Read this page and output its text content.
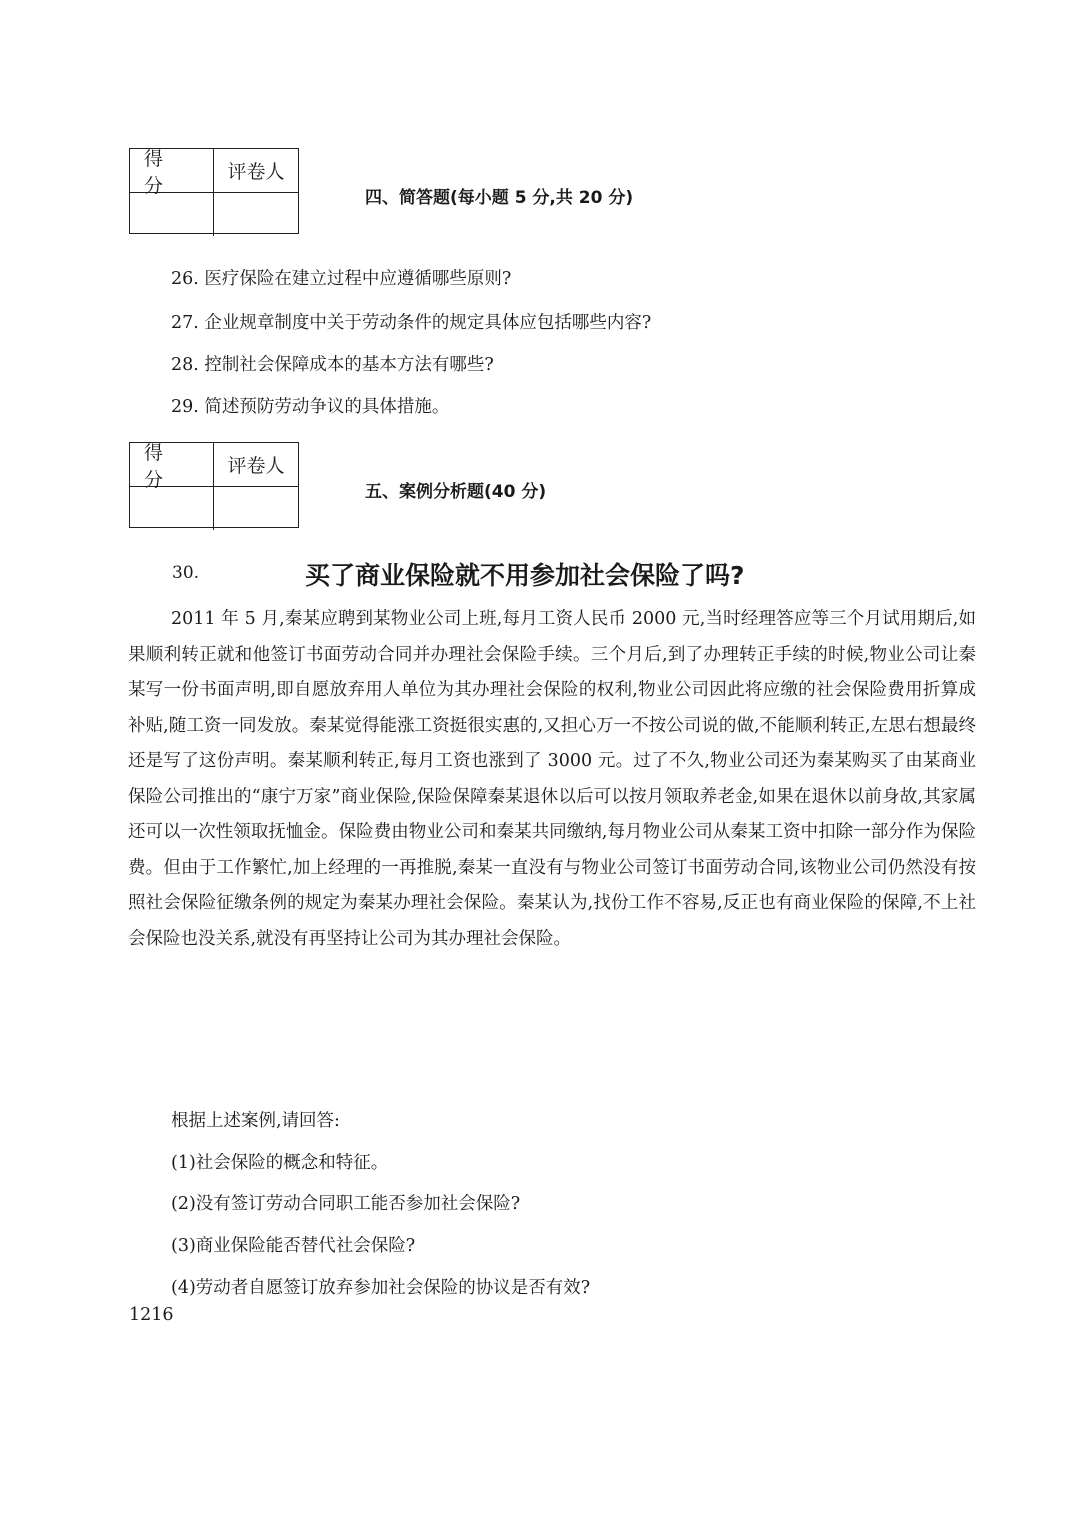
得分
评卷人
四、简答题(每小题 5 分,共 20 分)
26. 医疗保险在建立过程中应遵循哪些原则?
27. 企业规章制度中关于劳动条件的规定具体应包括哪些内容?
28. 控制社会保障成本的基本方法有哪些?
29. 简述预防劳动争议的具体措施。
得分
评卷人
五、案例分析题(40 分)
30.	买了商业保险就不用参加社会保险了吗?
2011 年 5 月,秦某应聘到某物业公司上班,每月工资人民币 2000 元,当时经理答应等三个月试用期后,如果顺利转正就和他签订书面劳动合同并办理社会保险手续。三个月后,到了办理转正手续的时候,物业公司让秦某写一份书面声明,即自愿放弃用人单位为其办理社会保险的权利,物业公司因此将应缴的社会保险费用折算成补贴,随工资一同发放。秦某觉得能涨工资挺很实惠的,又担心万一不按公司说的做,不能顺利转正,左思右想最终还是写了这份声明。秦某顺利转正,每月工资也涨到了 3000 元。过了不久,物业公司还为秦某购买了由某商业保险公司推出的“康宁万家”商业保险,保险保障秦某退休以后可以按月领取养老金,如果在退休以前身故,其家属还可以一次性领取抚恤金。保险费由物业公司和秦某共同缴纳,每月物业公司从秦某工资中扣除一部分作为保险费。但由于工作繁忙,加上经理的一再推脱,秦某一直没有与物业公司签订书面劳动合同,该物业公司仍然没有按照社会保险征缴条例的规定为秦某办理社会保险。秦某认为,找份工作不容易,反正也有商业保险的保障,不上社会保险也没关系,就没有再坚持让公司为其办理社会保险。
根据上述案例,请回答:
(1)社会保险的概念和特征。
(2)没有签订劳动合同职工能否参加社会保险?
(3)商业保险能否替代社会保险?
(4)劳动者自愿签订放弃参加社会保险的协议是否有效?
1216
